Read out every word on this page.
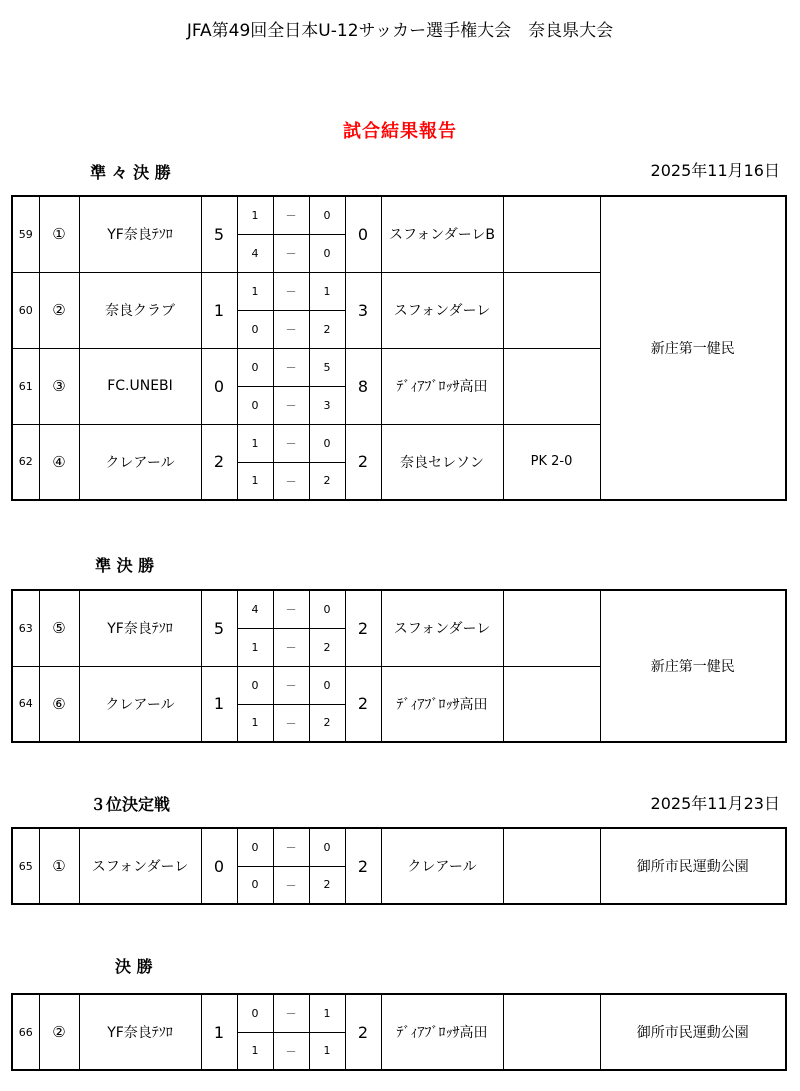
JFA第49回全日本U-12サッカー選手権大会　奈良県大会
試合結果報告
準 々 決 勝	2025年11月16日
59	①	YF奈良ﾃｿﾛ	5	1	－	0	0	スフォンダーレB		新庄第一健民
				4	－	0				
60	②	奈良クラブ	1	1	－	1	3	スフォンダーレ		
				0	－	2				
61	③	FC.UNEBI	0	0	－	5	8	ﾃﾞｨｱﾌﾞﾛｯｻ高田		
				0	－	3				
62	④	クレアール	2	1	－	0	2	奈良セレソン	PK 2-0	
				1	－	2				
準 決 勝
63	⑤	YF奈良ﾃｿﾛ	5	4	－	0	2	スフォンダーレ		新庄第一健民
				1	－	2				
64	⑥	クレアール	1	0	－	0	2	ﾃﾞｨｱﾌﾞﾛｯｻ高田		
				1	－	2				
３位決定戦	2025年11月23日
65	①	スフォンダーレ	0	0	－	0	2	クレアール		御所市民運動公園
				0	－	2				
決 勝
66	②	YF奈良ﾃｿﾛ	1	0	－	1	2	ﾃﾞｨｱﾌﾞﾛｯｻ高田		御所市民運動公園
				1	－	1				
